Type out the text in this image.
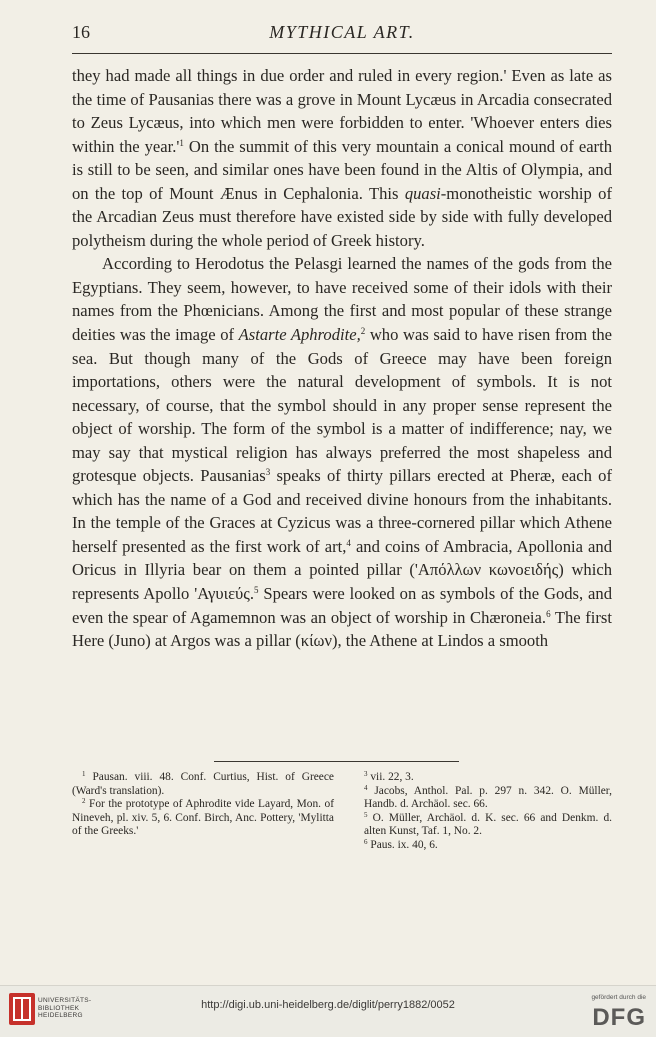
16	MYTHICAL ART.

they had made all things in due order and ruled in every region.' Even as late as the time of Pausanias there was a grove in Mount Lycæus in Arcadia consecrated to Zeus Lycæus, into which men were forbidden to enter. 'Whoever enters dies within the $year.'^1$ On the summit of this very mountain a conical mound of earth is still to be seen, and similar ones have been found in the Altis of Olympia, and on the top of Mount Ænus in Cephalonia. This quasi-monotheistic worship of the Arcadian Zeus must therefore have existed side by side with fully developed polytheism during the whole period of Greek history.

According to Herodotus the Pelasgi learned the names of the gods from the Egyptians. They seem, however, to have received some of their idols with their names from the Phœnicians. Among the first and most popular of these strange deities was the image of Astarte Aphrodite,$^2$ who was said to have risen from the sea. But though many of the Gods of Greece may have been foreign importations, others were the natural development of symbols. It is not necessary, of course, that the symbol should in any proper sense represent the object of worship. The form of the symbol is a matter of indifference; nay, we may say that mystical religion has always preferred the most shapeless and grotesque objects. Pausanias$^3$ speaks of thirty pillars erected at Pheræ, each of which has the name of a God and received divine honours from the inhabitants. In the temple of the Graces at Cyzicus was a three-cornered pillar which Athene herself presented as the first work of art,$^4$ and coins of Ambracia, Apollonia and Oricus in Illyria bear on them a pointed pillar ('Απόλλων κωνοειδής) which represents Apollo 'Αγυιεύς.$^5$ Spears were looked on as symbols of the Gods, and even the spear of Agamemnon was an object of worship in Chæroneia.$^6$ The first Here (Juno) at Argos was a pillar (κίων), the Athene at Lindos a smooth

$^1$ Pausan. viii. 48. Conf. Curtius, Hist. of Greece (Ward's translation).

$^2$ For the prototype of Aphrodite vide Layard, Mon. of Nineveh, pl. xiv. 5, 6. Conf. Birch, Anc. Pottery, 'Mylitta of the Greeks.'

$^3$ vii. 22, 3.

$^4$ Jacobs, Anthol. Pal. p. 297 n. 342. O. Müller, Handb. d. Archäol. sec. 66.

$^5$ O. Müller, Archäol. d. K. sec. 66 and Denkm. d. alten Kunst, Taf. 1, No. 2.

$^6$ Paus. ix. 40, 6.

UNIVERSITÄTS-
BIBLIOTHEK
HEIDELBERG
http://digi.ub.uni-heidelberg.de/diglit/perry1882/0052
gefördert durch die
DFG
